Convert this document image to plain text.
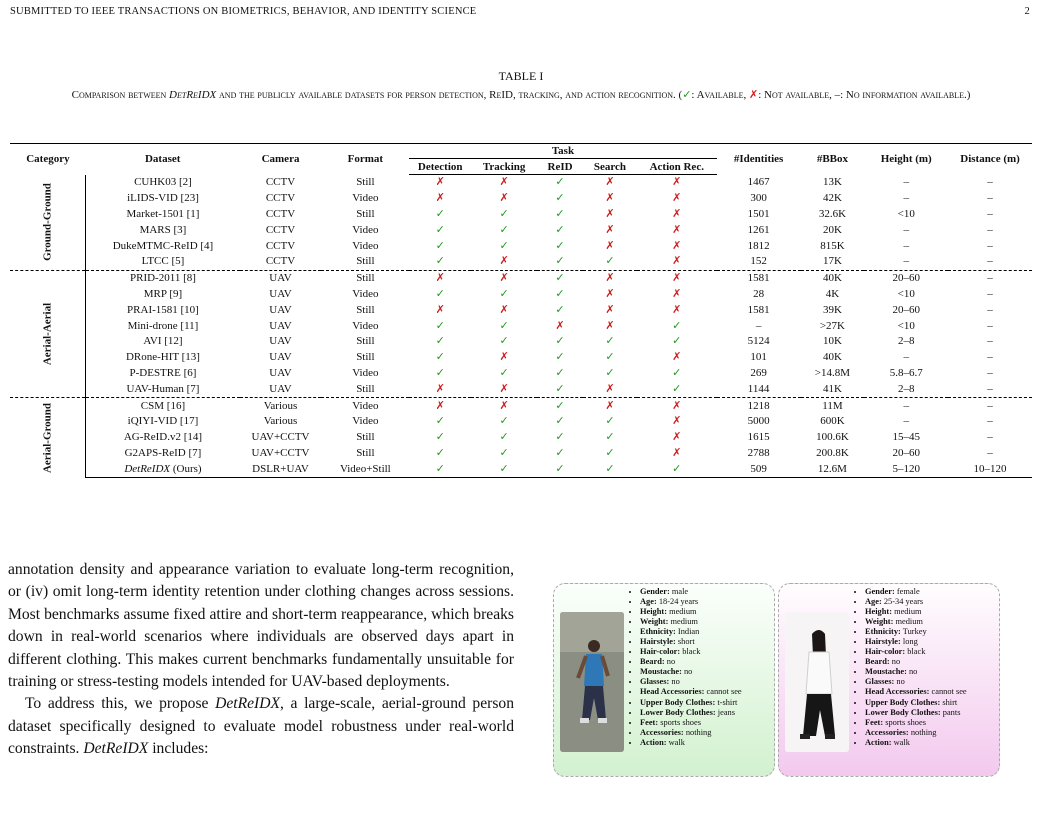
SUBMITTED TO IEEE TRANSACTIONS ON BIOMETRICS, BEHAVIOR, AND IDENTITY SCIENCE	2
TABLE I
Comparison between DetReIDX and the publicly available datasets for person detection, ReID, tracking, and action recognition. (✓: Available, ✗: Not available, –: No information available.)
Category	Dataset	Camera	Format	Task					#Identities	#BBox	Height (m)	Distance (m)
				Detection	Tracking	ReID	Search	Action Rec.				

Ground-Ground	CUHK03 [2]	CCTV	Still	✗	✗	✓	✗	✗	1467	13K	–	–
	iLIDS-VID [23]	CCTV	Video	✗	✗	✓	✗	✗	300	42K	–	–
	Market-1501 [1]	CCTV	Still	✓	✓	✓	✗	✗	1501	32.6K	<10	–
	MARS [3]	CCTV	Video	✓	✓	✓	✗	✗	1261	20K	–	–
	DukeMTMC-ReID [4]	CCTV	Video	✓	✓	✓	✗	✗	1812	815K	–	–
	LTCC [5]	CCTV	Still	✓	✗	✓	✓	✗	152	17K	–	–

Aerial-Aerial	PRID-2011 [8]	UAV	Still	✗	✗	✓	✗	✗	1581	40K	20–60	–
	MRP [9]	UAV	Video	✓	✓	✓	✗	✗	28	4K	<10	–
	PRAI-1581 [10]	UAV	Still	✗	✗	✓	✗	✗	1581	39K	20–60	–
	Mini-drone [11]	UAV	Video	✓	✓	✗	✗	✓	–	>27K	<10	–
	AVI [12]	UAV	Still	✓	✓	✓	✓	✓	5124	10K	2–8	–
	DRone-HIT [13]	UAV	Still	✓	✗	✓	✓	✗	101	40K	–	–
	P-DESTRE [6]	UAV	Video	✓	✓	✓	✓	✓	269	>14.8M	5.8–6.7	–
	UAV-Human [7]	UAV	Still	✗	✗	✓	✗	✓	1144	41K	2–8	–

Aerial-Ground	CSM [16]	Various	Video	✗	✗	✓	✗	✗	1218	11M	–	–
	iQIYI-VID [17]	Various	Video	✓	✓	✓	✓	✗	5000	600K	–	–
	AG-ReID.v2 [14]	UAV+CCTV	Still	✓	✓	✓	✓	✗	1615	100.6K	15–45	–
	G2APS-ReID [7]	UAV+CCTV	Still	✓	✓	✓	✓	✗	2788	200.8K	20–60	–
	DetReIDX (Ours)	DSLR+UAV	Video+Still	✓	✓	✓	✓	✓	509	12.6M	5–120	10–120

annotation density and appearance variation to evaluate long-term recognition, or (iv) omit long-term identity retention under clothing changes across sessions. Most benchmarks assume fixed attire and short-term reappearance, which breaks down in real-world scenarios where individuals are observed days apart in different clothing. This makes current benchmarks fundamentally unsuitable for training or stress-testing models intended for UAV-based deployments.

To address this, we propose DetReIDX, a large-scale, aerial-ground person dataset specifically designed to evaluate model robustness under real-world constraints. DetReIDX includes:

• Gender: male
• Age: 18-24 years
• Height: medium
• Weight: medium
• Ethnicity: Indian
• Hairstyle: short
• Hair-color: black
• Beard: no
• Moustache: no
• Glasses: no
• Head Accessories: cannot see
• Upper Body Clothes: t-shirt
• Lower Body Clothes: jeans
• Feet: sports shoes
• Accessories: nothing
• Action: walk
• Gender: female
• Age: 25-34 years
• Height: medium
• Weight: medium
• Ethnicity: Turkey
• Hairstyle: long
• Hair-color: black
• Beard: no
• Moustache: no
• Glasses: no
• Head Accessories: cannot see
• Upper Body Clothes: shirt
• Lower Body Clothes: pants
• Feet: sports shoes
• Accessories: nothing
• Action: walk
